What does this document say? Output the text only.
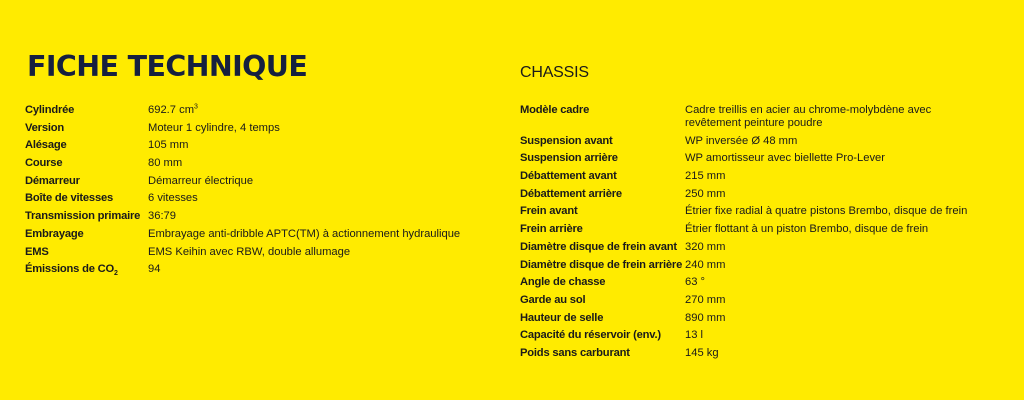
FICHE TECHNIQUE	CHASSIS
Cylindrée	692.7 $cm^3$
Version	Moteur 1 cylindre, 4 temps
Alésage	105 mm
Course	80 mm
Démarreur	Démarreur électrique
Boîte de vitesses	6 vitesses
Transmission primaire	36:79
Embrayage	Embrayage anti-dribble APTC(TM) à actionnement hydraulique
EMS	EMS Keihin avec RBW, double allumage
Émissions de $CO_2$	94
Modèle cadre	Cadre treillis en acier au chrome-molybdène avec revêtement peinture poudre
Suspension avant	WP inversée Ø 48 mm
Suspension arrière	WP amortisseur avec biellette Pro-Lever
Débattement avant	215 mm
Débattement arrière	250 mm
Frein avant	Étrier fixe radial à quatre pistons Brembo, disque de frein
Frein arrière	Étrier flottant à un piston Brembo, disque de frein
Diamètre disque de frein avant	320 mm
Diamètre disque de frein arrière	240 mm
Angle de chasse	63 °
Garde au sol	270 mm
Hauteur de selle	890 mm
Capacité du réservoir (env.)	13 l
Poids sans carburant	145 kg
